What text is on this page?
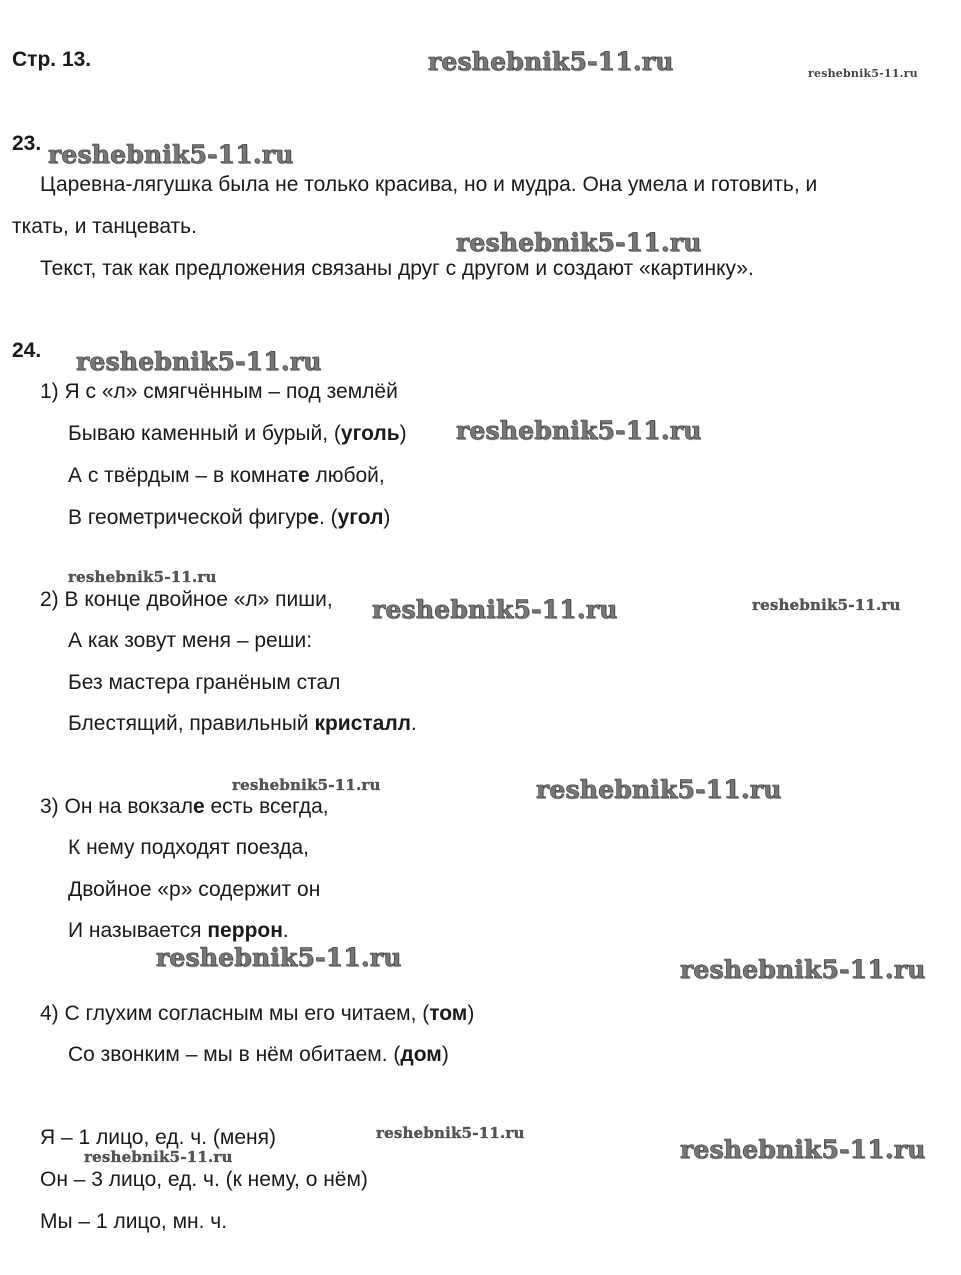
Стр. 13.
23.
Царевна-лягушка была не только красива, но и мудра. Она умела и готовить, и
ткать, и танцевать.
Текст, так как предложения связаны друг с другом и создают «картинку».
24.
1) Я с «л» смягчённым – под землёй
Бываю каменный и бурый, (уголь)
А с твёрдым – в комнате любой,
В геометрической фигуре. (угол)
2) В конце двойное «л» пиши,
А как зовут меня – реши:
Без мастера гранёным стал
Блестящий, правильный кристалл.
3) Он на вокзале есть всегда,
К нему подходят поезда,
Двойное «р» содержит он
И называется перрон.
4) С глухим согласным мы его читаем, (том)
Со звонким – мы в нём обитаем. (дом)
Я – 1 лицо, ед. ч. (меня)
Он – 3 лицо, ед. ч. (к нему, о нём)
Мы – 1 лицо, мн. ч.
reshebnik5-11.ru	reshebnik5-11.ru
reshebnik5-11.ru
reshebnik5-11.ru
reshebnik5-11.ru
reshebnik5-11.ru
reshebnik5-11.ru
reshebnik5-11.ru	reshebnik5-11.ru
reshebnik5-11.ru	reshebnik5-11.ru
reshebnik5-11.ru	reshebnik5-11.ru
reshebnik5-11.ru
reshebnik5-11.ru	reshebnik5-11.ru
